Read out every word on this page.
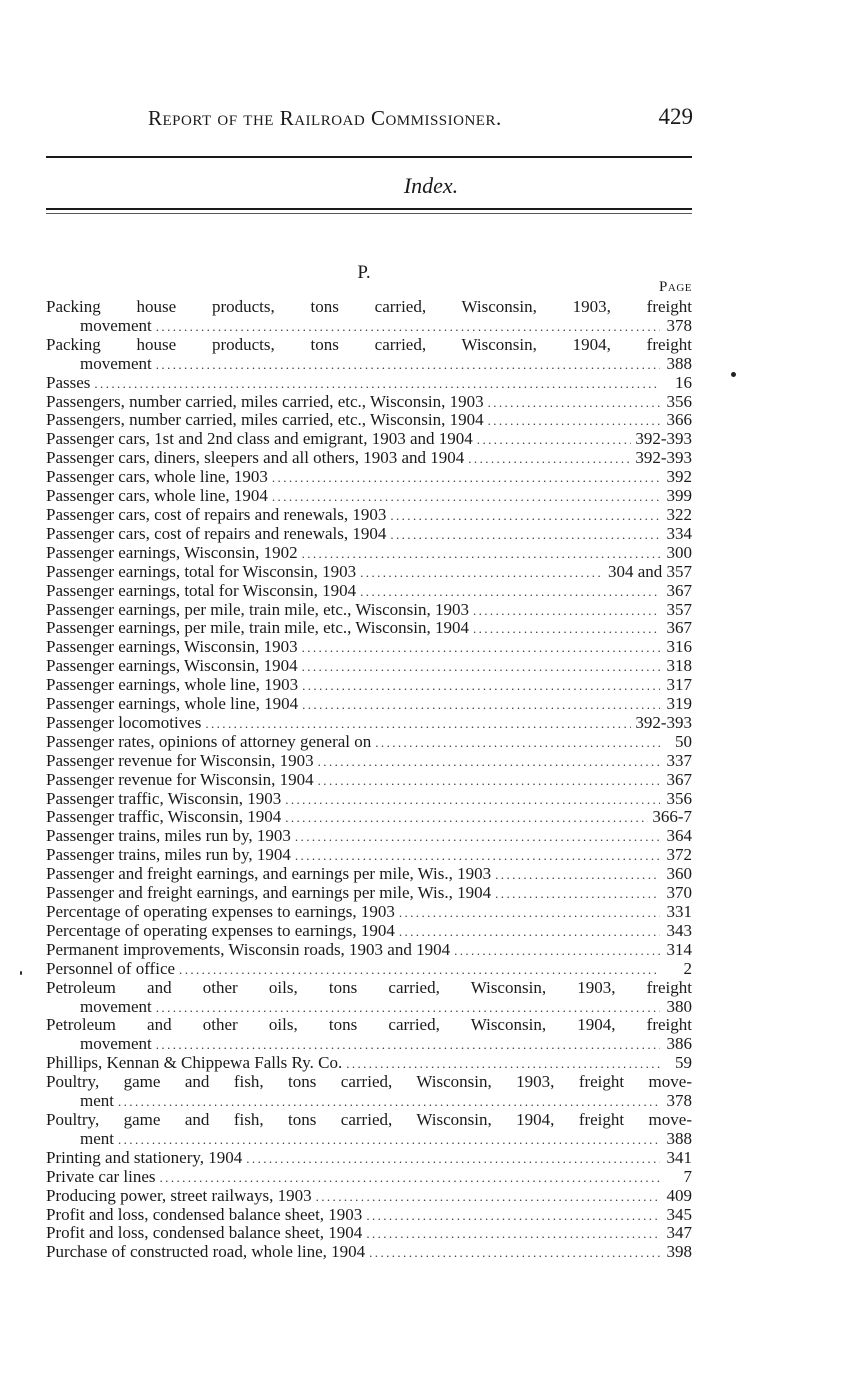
Report of the Railroad Commissioner.	429
Index.
P.
Page
Packing house products, tons carried, Wisconsin, 1903, freight
movement .....	378
Packing house products, tons carried, Wisconsin, 1904, freight
movement .....	388
Passes .....	16
Passengers, number carried, miles carried, etc., Wisconsin, 1903 .....	356
Passengers, number carried, miles carried, etc., Wisconsin, 1904 .....	366
Passenger cars, 1st and 2nd class and emigrant, 1903 and 1904 .....	392-393
Passenger cars, diners, sleepers and all others, 1903 and 1904 .....	392-393
Passenger cars, whole line, 1903 .....	392
Passenger cars, whole line, 1904 .....	399
Passenger cars, cost of repairs and renewals, 1903 .....	322
Passenger cars, cost of repairs and renewals, 1904 .....	334
Passenger earnings, Wisconsin, 1902 .....	300
Passenger earnings, total for Wisconsin, 1903 .....	304 and 357
Passenger earnings, total for Wisconsin, 1904 .....	367
Passenger earnings, per mile, train mile, etc., Wisconsin, 1903 .....	357
Passenger earnings, per mile, train mile, etc., Wisconsin, 1904 .....	367
Passenger earnings, Wisconsin, 1903 .....	316
Passenger earnings, Wisconsin, 1904 .....	318
Passenger earnings, whole line, 1903 .....	317
Passenger earnings, whole line, 1904 .....	319
Passenger locomotives .....	392-393
Passenger rates, opinions of attorney general on .....	50
Passenger revenue for Wisconsin, 1903 .....	337
Passenger revenue for Wisconsin, 1904 .....	367
Passenger traffic, Wisconsin, 1903 .....	356
Passenger traffic, Wisconsin, 1904 .....	366-7
Passenger trains, miles run by, 1903 .....	364
Passenger trains, miles run by, 1904 .....	372
Passenger and freight earnings, and earnings per mile, Wis., 1903 .....	360
Passenger and freight earnings, and earnings per mile, Wis., 1904 .....	370
Percentage of operating expenses to earnings, 1903 .....	331
Percentage of operating expenses to earnings, 1904 .....	343
Permanent improvements, Wisconsin roads, 1903 and 1904 .....	314
Personnel of office .....	2
Petroleum and other oils, tons carried, Wisconsin, 1903, freight
movement .....	380
Petroleum and other oils, tons carried, Wisconsin, 1904, freight
movement .....	386
Phillips, Kennan & Chippewa Falls Ry. Co. .....	59
Poultry, game and fish, tons carried, Wisconsin, 1903, freight move-
ment .....	378
Poultry, game and fish, tons carried, Wisconsin, 1904, freight move-
ment .....	388
Printing and stationery, 1904 .....	341
Private car lines .....	7
Producing power, street railways, 1903 .....	409
Profit and loss, condensed balance sheet, 1903 .....	345
Profit and loss, condensed balance sheet, 1904 .....	347
Purchase of constructed road, whole line, 1904 .....	398
